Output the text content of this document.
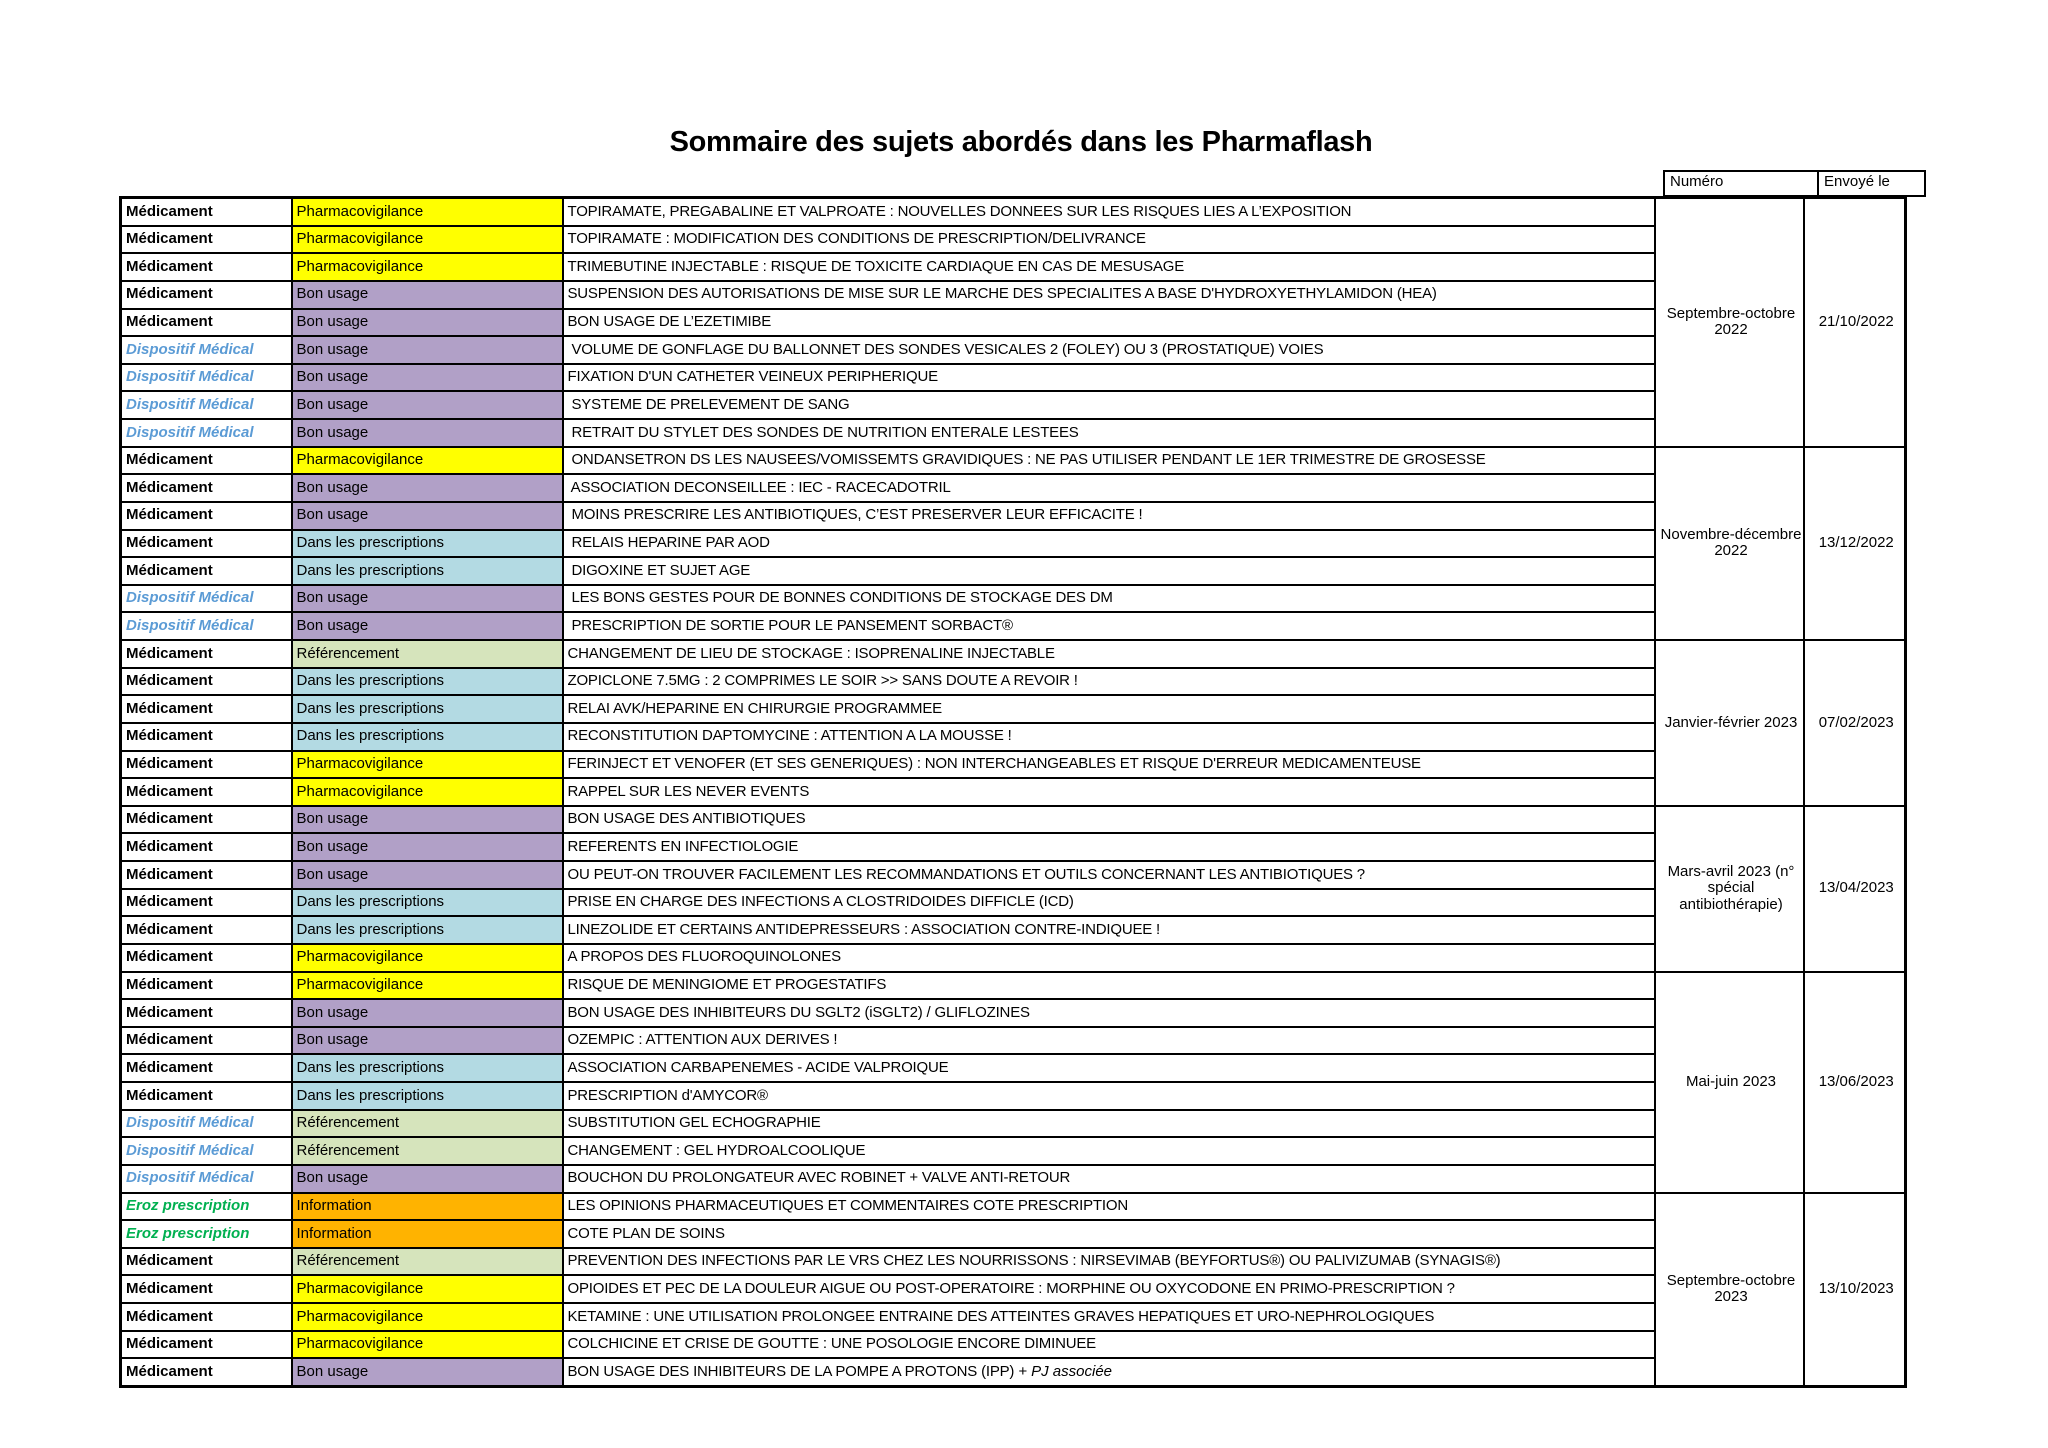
Sommaire des sujets abordés dans les Pharmaflash
Numéro	Envoyé le
Médicament	Pharmacovigilance	TOPIRAMATE, PREGABALINE ET VALPROATE : NOUVELLES DONNEES SUR LES RISQUES LIES A L’EXPOSITION	Septembre-octobre 2022	21/10/2022
Médicament	Pharmacovigilance	TOPIRAMATE : MODIFICATION DES CONDITIONS DE PRESCRIPTION/DELIVRANCE		
Médicament	Pharmacovigilance	TRIMEBUTINE INJECTABLE : RISQUE DE TOXICITE CARDIAQUE EN CAS DE MESUSAGE		
Médicament	Bon usage	SUSPENSION DES AUTORISATIONS DE MISE SUR LE MARCHE DES SPECIALITES A BASE D'HYDROXYETHYLAMIDON (HEA)		
Médicament	Bon usage	BON USAGE DE L’EZETIMIBE		
Dispositif Médical	Bon usage	VOLUME DE GONFLAGE DU BALLONNET DES SONDES VESICALES 2 (FOLEY) OU 3 (PROSTATIQUE) VOIES		
Dispositif Médical	Bon usage	FIXATION D'UN CATHETER VEINEUX PERIPHERIQUE		
Dispositif Médical	Bon usage	SYSTEME DE PRELEVEMENT DE SANG		
Dispositif Médical	Bon usage	RETRAIT DU STYLET DES SONDES DE NUTRITION ENTERALE LESTEES		
Médicament	Pharmacovigilance	ONDANSETRON DS LES NAUSEES/VOMISSEMTS GRAVIDIQUES : NE PAS UTILISER PENDANT LE 1ER TRIMESTRE DE GROSESSE	Novembre-décembre 2022	13/12/2022
Médicament	Bon usage	ASSOCIATION DECONSEILLEE : IEC - RACECADOTRIL		
Médicament	Bon usage	MOINS PRESCRIRE LES ANTIBIOTIQUES, C’EST PRESERVER LEUR EFFICACITE !		
Médicament	Dans les prescriptions	RELAIS HEPARINE PAR AOD		
Médicament	Dans les prescriptions	DIGOXINE ET SUJET AGE		
Dispositif Médical	Bon usage	LES BONS GESTES POUR DE BONNES CONDITIONS DE STOCKAGE DES DM		
Dispositif Médical	Bon usage	PRESCRIPTION DE SORTIE POUR LE PANSEMENT SORBACT®		
Médicament	Référencement	CHANGEMENT DE LIEU DE STOCKAGE : ISOPRENALINE INJECTABLE	Janvier-février 2023	07/02/2023
Médicament	Dans les prescriptions	ZOPICLONE 7.5MG : 2 COMPRIMES LE SOIR >> SANS DOUTE A REVOIR !		
Médicament	Dans les prescriptions	RELAI AVK/HEPARINE EN CHIRURGIE PROGRAMMEE		
Médicament	Dans les prescriptions	RECONSTITUTION DAPTOMYCINE : ATTENTION A LA MOUSSE !		
Médicament	Pharmacovigilance	FERINJECT ET VENOFER (ET SES GENERIQUES) : NON INTERCHANGEABLES ET RISQUE D'ERREUR MEDICAMENTEUSE		
Médicament	Pharmacovigilance	RAPPEL SUR LES NEVER EVENTS		
Médicament	Bon usage	BON USAGE DES ANTIBIOTIQUES	Mars-avril 2023 (n° spécial antibiothérapie)	13/04/2023
Médicament	Bon usage	REFERENTS EN INFECTIOLOGIE		
Médicament	Bon usage	OU PEUT-ON TROUVER FACILEMENT LES RECOMMANDATIONS ET OUTILS CONCERNANT LES ANTIBIOTIQUES ?		
Médicament	Dans les prescriptions	PRISE EN CHARGE DES INFECTIONS A CLOSTRIDOIDES DIFFICLE (ICD)		
Médicament	Dans les prescriptions	LINEZOLIDE ET CERTAINS ANTIDEPRESSEURS : ASSOCIATION CONTRE-INDIQUEE !		
Médicament	Pharmacovigilance	A PROPOS DES FLUOROQUINOLONES		
Médicament	Pharmacovigilance	RISQUE DE MENINGIOME ET PROGESTATIFS	Mai-juin 2023	13/06/2023
Médicament	Bon usage	BON USAGE DES INHIBITEURS DU SGLT2 (iSGLT2) / GLIFLOZINES		
Médicament	Bon usage	OZEMPIC : ATTENTION AUX DERIVES !		
Médicament	Dans les prescriptions	ASSOCIATION CARBAPENEMES - ACIDE VALPROIQUE		
Médicament	Dans les prescriptions	PRESCRIPTION d'AMYCOR®		
Dispositif Médical	Référencement	SUBSTITUTION GEL ECHOGRAPHIE		
Dispositif Médical	Référencement	CHANGEMENT : GEL HYDROALCOOLIQUE		
Dispositif Médical	Bon usage	BOUCHON DU PROLONGATEUR AVEC ROBINET + VALVE ANTI-RETOUR		
Eroz prescription	Information	LES OPINIONS PHARMACEUTIQUES ET COMMENTAIRES COTE PRESCRIPTION	Septembre-octobre 2023	13/10/2023
Eroz prescription	Information	COTE PLAN DE SOINS		
Médicament	Référencement	PREVENTION DES INFECTIONS PAR LE VRS CHEZ LES NOURRISSONS : NIRSEVIMAB (BEYFORTUS®) OU PALIVIZUMAB (SYNAGIS®)		
Médicament	Pharmacovigilance	OPIOIDES ET PEC DE LA DOULEUR AIGUE OU POST-OPERATOIRE : MORPHINE OU OXYCODONE EN PRIMO-PRESCRIPTION ?		
Médicament	Pharmacovigilance	KETAMINE : UNE UTILISATION PROLONGEE ENTRAINE DES ATTEINTES GRAVES HEPATIQUES ET URO-NEPHROLOGIQUES		
Médicament	Pharmacovigilance	COLCHICINE ET CRISE DE GOUTTE : UNE POSOLOGIE ENCORE DIMINUEE		
Médicament	Bon usage	BON USAGE DES INHIBITEURS DE LA POMPE A PROTONS (IPP) + PJ associée		
